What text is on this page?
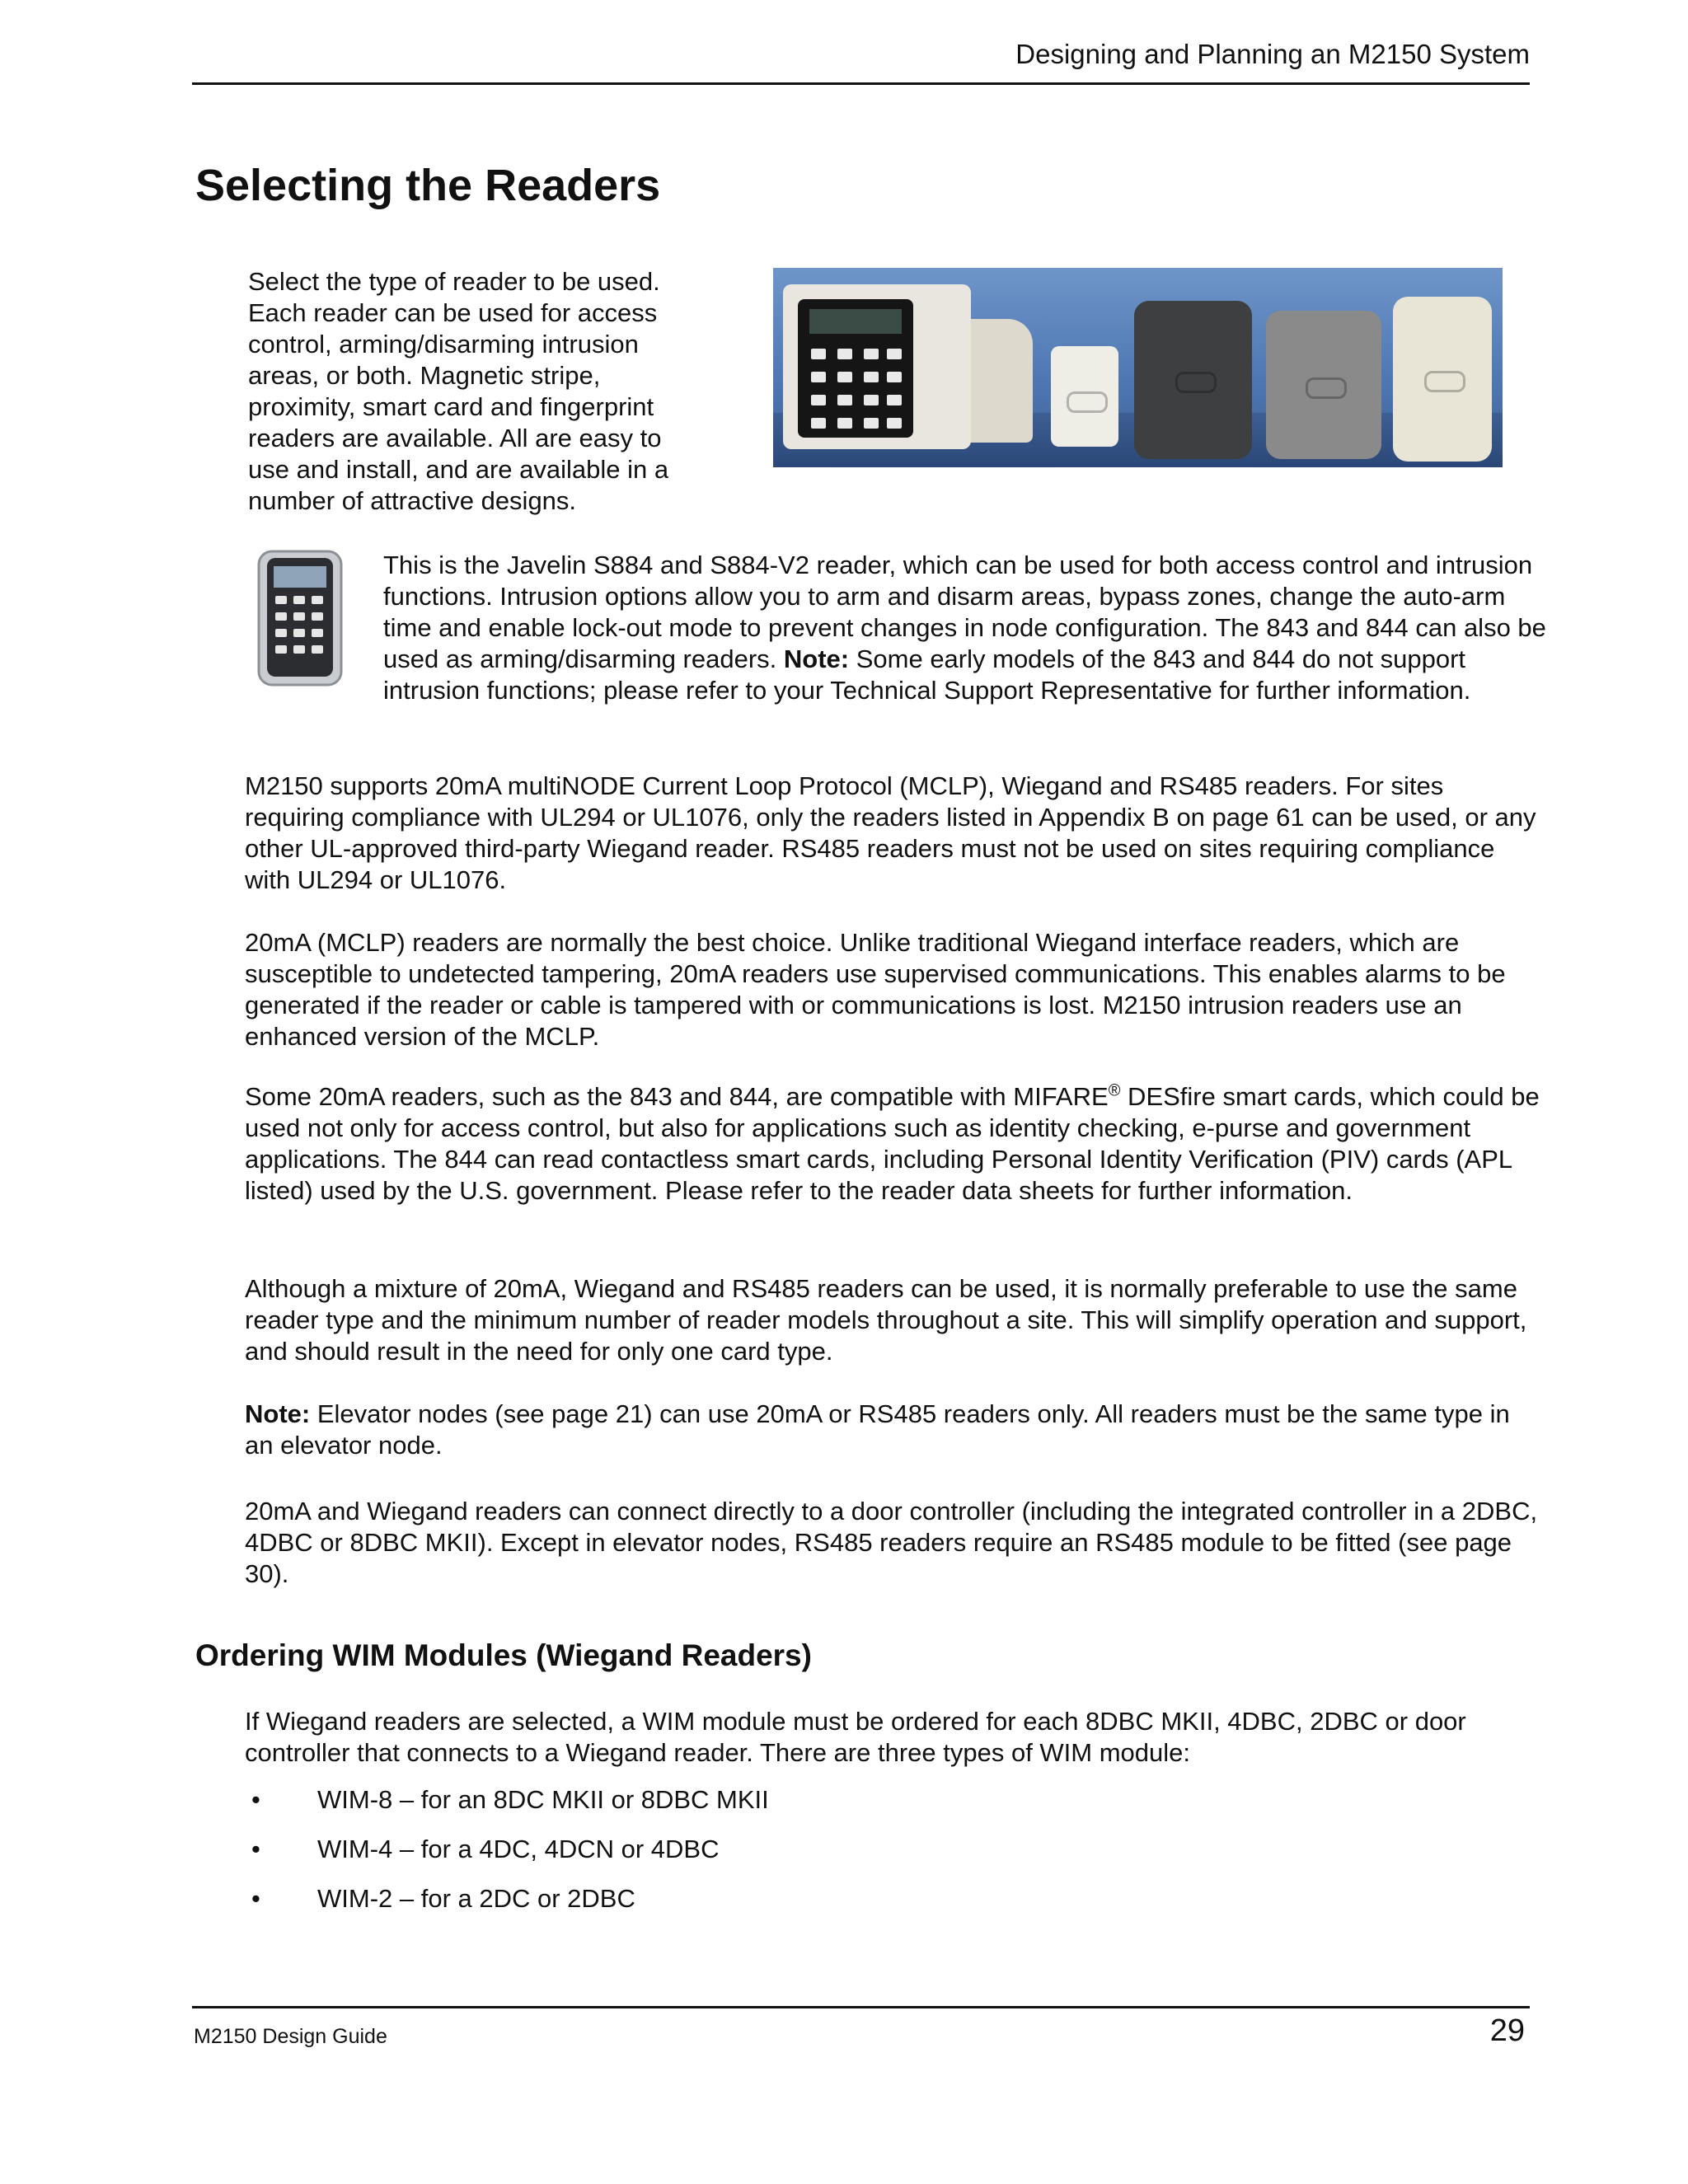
Designing and Planning an M2150 System
Selecting the Readers

Select the type of reader to be used. Each reader can be used for access control, arming/disarming intrusion areas, or both. Magnetic stripe, proximity, smart card and fingerprint readers are available. All are easy to use and install, and are available in a number of attractive designs.

This is the Javelin S884 and S884-V2 reader, which can be used for both access control and intrusion functions. Intrusion options allow you to arm and disarm areas, bypass zones, change the auto-arm time and enable lock-out mode to prevent changes in node configuration. The 843 and 844 can also be used as arming/disarming readers. Note: Some early models of the 843 and 844 do not support intrusion functions; please refer to your Technical Support Representative for further information.

M2150 supports 20mA multiNODE Current Loop Protocol (MCLP), Wiegand and RS485 readers. For sites requiring compliance with UL294 or UL1076, only the readers listed in Appendix B on page 61 can be used, or any other UL-approved third-party Wiegand reader. RS485 readers must not be used on sites requiring compliance with UL294 or UL1076.

20mA (MCLP) readers are normally the best choice. Unlike traditional Wiegand interface readers, which are susceptible to undetected tampering, 20mA readers use supervised communications. This enables alarms to be generated if the reader or cable is tampered with or communications is lost. M2150 intrusion readers use an enhanced version of the MCLP.

Some 20mA readers, such as the 843 and 844, are compatible with MIFARE® DESfire smart cards, which could be used not only for access control, but also for applications such as identity checking, e-purse and government applications. The 844 can read contactless smart cards, including Personal Identity Verification (PIV) cards (APL listed) used by the U.S. government. Please refer to the reader data sheets for further information.

Although a mixture of 20mA, Wiegand and RS485 readers can be used, it is normally preferable to use the same reader type and the minimum number of reader models throughout a site. This will simplify operation and support, and should result in the need for only one card type.

Note: Elevator nodes (see page 21) can use 20mA or RS485 readers only. All readers must be the same type in an elevator node.

20mA and Wiegand readers can connect directly to a door controller (including the integrated controller in a 2DBC, 4DBC or 8DBC MKII). Except in elevator nodes, RS485 readers require an RS485 module to be fitted (see page 30).

Ordering WIM Modules (Wiegand Readers)

If Wiegand readers are selected, a WIM module must be ordered for each 8DBC MKII, 4DBC, 2DBC or door controller that connects to a Wiegand reader. There are three types of WIM module:

• WIM-8 – for an 8DC MKII or 8DBC MKII
• WIM-4 – for a 4DC, 4DCN or 4DBC
• WIM-2 – for a 2DC or 2DBC
M2150 Design Guide	29
